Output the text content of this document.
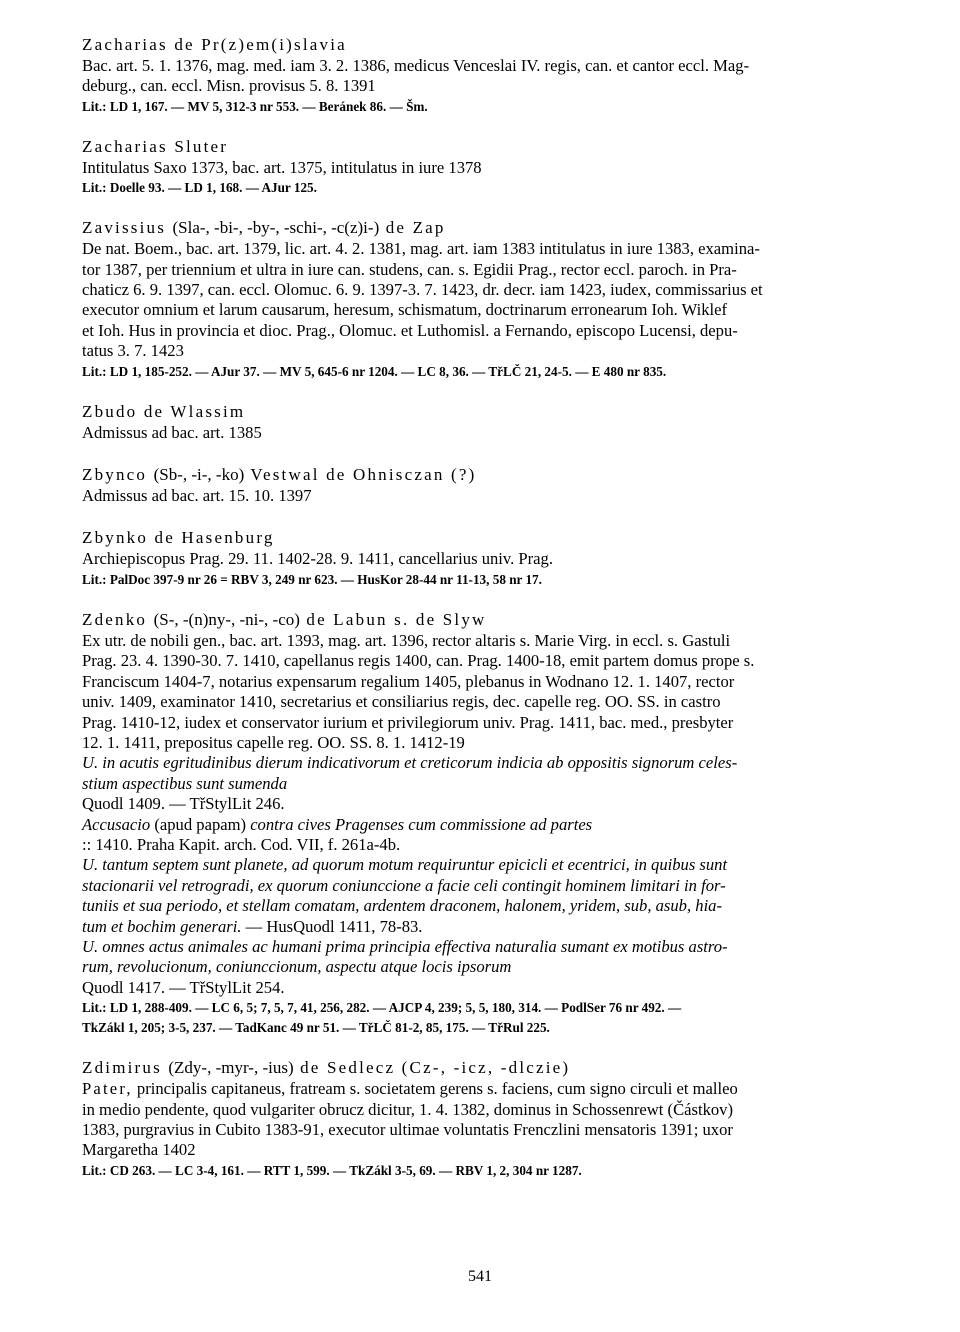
Zacharias de Pr(z)em(i)slavia
Bac. art. 5. 1. 1376, mag. med. iam 3. 2. 1386, medicus Venceslai IV. regis, can. et cantor eccl. Mag-
deburg., can. eccl. Misn. provisus 5. 8. 1391
Lit.: LD 1, 167. — MV 5, 312-3 nr 553. — Beránek 86. — Šm.
Zacharias Sluter
Intitulatus Saxo 1373, bac. art. 1375, intitulatus in iure 1378
Lit.: Doelle 93. — LD 1, 168. — AJur 125.
Zavissius (Sla-, -bi-, -by-, -schi-, -c(z)i-) de Zap
De nat. Boem., bac. art. 1379, lic. art. 4. 2. 1381, mag. art. iam 1383 intitulatus in iure 1383, examina-
tor 1387, per triennium et ultra in iure can. studens, can. s. Egidii Prag., rector eccl. paroch. in Pra-
chaticz 6. 9. 1397, can. eccl. Olomuc. 6. 9. 1397-3. 7. 1423, dr. decr. iam 1423, iudex, commissarius et
executor omnium et larum causarum, heresum, schismatum, doctrinarum erronearum Ioh. Wiklef
et Ioh. Hus in provincia et dioc. Prag., Olomuc. et Luthomisl. a Fernando, episcopo Lucensi, depu-
tatus 3. 7. 1423
Lit.: LD 1, 185-252. — AJur 37. — MV 5, 645-6 nr 1204. — LC 8, 36. — TřLČ 21, 24-5. — E 480 nr 835.
Zbudo de Wlassim
Admissus ad bac. art. 1385
Zbynco (Sb-, -i-, -ko) Vestwal de Ohnisczan (?)
Admissus ad bac. art. 15. 10. 1397
Zbynko de Hasenburg
Archiepiscopus Prag. 29. 11. 1402-28. 9. 1411, cancellarius univ. Prag.
Lit.: PalDoc 397-9 nr 26 = RBV 3, 249 nr 623. — HusKor 28-44 nr 11-13, 58 nr 17.
Zdenko (S-, -(n)ny-, -ni-, -co) de Labun s. de Slyw
Ex utr. de nobili gen., bac. art. 1393, mag. art. 1396, rector altaris s. Marie Virg. in eccl. s. Gastuli
Prag. 23. 4. 1390-30. 7. 1410, capellanus regis 1400, can. Prag. 1400-18, emit partem domus prope s.
Franciscum 1404-7, notarius expensarum regalium 1405, plebanus in Wodnano 12. 1. 1407, rector
univ. 1409, examinator 1410, secretarius et consiliarius regis, dec. capelle reg. OO. SS. in castro
Prag. 1410-12, iudex et conservator iurium et privilegiorum univ. Prag. 1411, bac. med., presbyter
12. 1. 1411, prepositus capelle reg. OO. SS. 8. 1. 1412-19
U. in acutis egritudinibus dierum indicativorum et creticorum indicia ab oppositis signorum celes-
stium aspectibus sunt sumenda
Quodl 1409. — TřStylLit 246.
Accusacio (apud papam) contra cives Pragenses cum commissione ad partes
:: 1410. Praha Kapit. arch. Cod. VII, f. 261a-4b.
U. tantum septem sunt planete, ad quorum motum requiruntur epicicli et ecentrici, in quibus sunt
stacionarii vel retrogradi, ex quorum coniunccione a facie celi contingit hominem limitari in for-
tuniis et sua periodo, et stellam comatam, ardentem draconem, halonem, yridem, sub, asub, hia-
tum et bochim generari. — HusQuodl 1411, 78-83.
U. omnes actus animales ac humani prima principia effectiva naturalia sumant ex motibus astro-
rum, revolucionum, coniunccionum, aspectu atque locis ipsorum
Quodl 1417. — TřStylLit 254.
Lit.: LD 1, 288-409. — LC 6, 5; 7, 5, 7, 41, 256, 282. — AJCP 4, 239; 5, 5, 180, 314. — PodlSer 76 nr 492. —
TkZákl 1, 205; 3-5, 237. — TadKanc 49 nr 51. — TřLČ 81-2, 85, 175. — TřRul 225.
Zdimirus (Zdy-, -myr-, -ius) de Sedlecz (Cz-, -icz, -dlczie)
Pater, principalis capitaneus, fratream s. societatem gerens s. faciens, cum signo circuli et malleo
in medio pendente, quod vulgariter obrucz dicitur, 1. 4. 1382, dominus in Schossenrewt (Částkov)
1383, purgravius in Cubito 1383-91, executor ultimae voluntatis Frenczlini mensatoris 1391; uxor
Margaretha 1402
Lit.: CD 263. — LC 3-4, 161. — RTT 1, 599. — TkZákl 3-5, 69. — RBV 1, 2, 304 nr 1287.
541
